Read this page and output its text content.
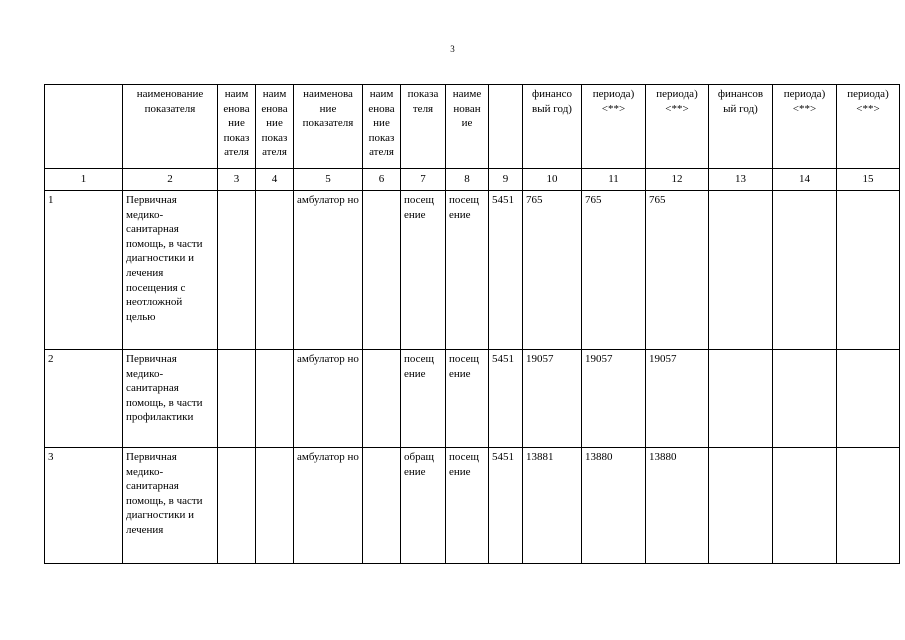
3
	наименование показателя	наим енова ние показ ателя	наим енова ние показ ателя	наименова ние показателя	наим енова ние показ ателя	показа теля	наиме нован ие		финансо вый год)	периода) <**>	периода) <**>	финансов ый год)	периода) <**>	периода) <**>
1	2	3	4	5	6	7	8	9	10	11	12	13	14	15
1	Первичная медико-санитарная помощь, в части диагностики и лечения посещения с неотложной целью			амбулатор но		посещ ение	посещ ение	5451	765	765	765			
2	Первичная медико-санитарная помощь, в части профилактики			амбулатор но		посещ ение	посещ ение	5451	19057	19057	19057			
3	Первичная медико-санитарная помощь, в части диагностики и лечения			амбулатор но		обращ ение	посещ ение	5451	13881	13880	13880			
